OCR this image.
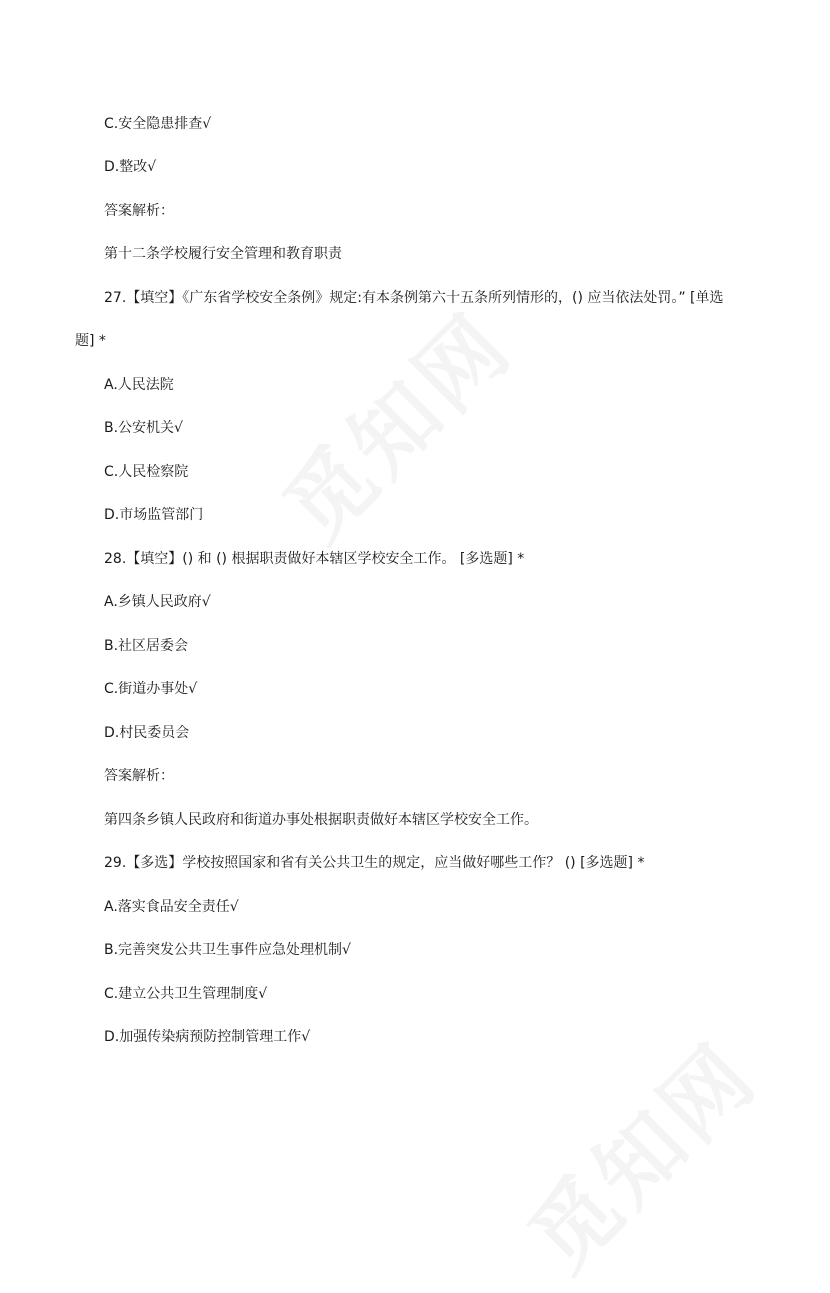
C.安全隐患排查√
D.整改√
答案解析：
第十二条学校履行安全管理和教育职责
27.【填空】《广东省学校安全条例》规定:有本条例第六十五条所列情形的，() 应当依法处罚。” [单选
题] *
A.人民法院
B.公安机关√
C.人民检察院
D.市场监管部门
28.【填空】() 和 () 根据职责做好本辖区学校安全工作。 [多选题] *
A.乡镇人民政府√
B.社区居委会
C.街道办事处√
D.村民委员会
答案解析：
第四条乡镇人民政府和街道办事处根据职责做好本辖区学校安全工作。
29.【多选】学校按照国家和省有关公共卫生的规定，应当做好哪些工作？ () [多选题] *
A.落实食品安全责任√
B.完善突发公共卫生事件应急处理机制√
C.建立公共卫生管理制度√
D.加强传染病预防控制管理工作√
